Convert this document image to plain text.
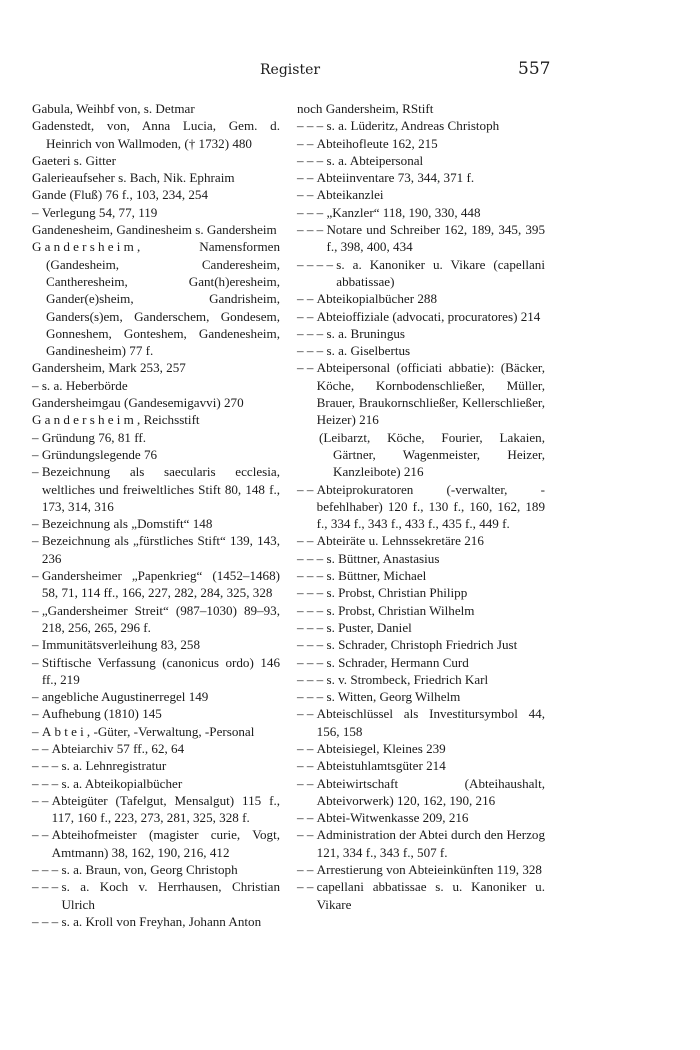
Register	557
Gabula, Weihbf von, s. Detmar
Gadenstedt, von, Anna Lucia, Gem. d. Heinrich von Wallmoden, († 1732) 480
Gaeteri s. Gitter
Galerieaufseher s. Bach, Nik. Ephraim
Gande (Fluß) 76 f., 103, 234, 254
– Verlegung 54, 77, 119
Gandenesheim, Gandinesheim s. Gandersheim
Gandersheim, Namensformen (Gandesheim, Canderesheim, Cantheresheim, Gant(h)eresheim, Gander(e)sheim, Gandrisheim, Ganders(s)em, Gandersсhem, Gondesem, Gonneshem, Gonteshem, Gandenesheim, Gandinesheim) 77 f.
Gandersheim, Mark 253, 257
– s. a. Heberbörde
Gandersheimgau (Gandesemigavvi) 270
Gandersheim, Reichsstift
– Gründung 76, 81 ff.
– Gründungslegende 76
– Bezeichnung als saecularis ecclesia, weltliches und freiweltliches Stift 80, 148 f., 173, 314, 316
– Bezeichnung als „Domstift“ 148
– Bezeichnung als „fürstliches Stift“ 139, 143, 236
– Gandersheimer „Papenkrieg“ (1452–1468) 58, 71, 114 ff., 166, 227, 282, 284, 325, 328
– „Gandersheimer Streit“ (987–1030) 89–93, 218, 256, 265, 296 f.
– Immunitätsverleihung 83, 258
– Stiftische Verfassung (canonicus ordo) 146 ff., 219
– angebliche Augustinerregel 149
– Aufhebung (1810) 145
– Abtei, -Güter, -Verwaltung, -Personal
– – Abteiarchiv 57 ff., 62, 64
– – – s. a. Lehnregistratur
– – – s. a. Abteikopialbücher
– – Abteigüter (Tafelgut, Mensalgut) 115 f., 117, 160 f., 223, 273, 281, 325, 328 f.
– – Abteihofmeister (magister curie, Vogt, Amtmann) 38, 162, 190, 216, 412
– – – s. a. Braun, von, Georg Christoph
– – – s. a. Koch v. Herrhausen, Christian Ulrich
– – – s. a. Kroll von Freyhan, Johann Anton
noch Gandersheim, RStift
– – – s. a. Lüderitz, Andreas Christoph
– – Abteihofleute 162, 215
– – – s. a. Abteipersonal
– – Abteiinventare 73, 344, 371 f.
– – Abteikanzlei
– – – „Kanzler“ 118, 190, 330, 448
– – – Notare und Schreiber 162, 189, 345, 395 f., 398, 400, 434
– – – – s. a. Kanoniker u. Vikare (capellani abbatissae)
– – Abteikopialbücher 288
– – Abteioffiziale (advocati, procuratores) 214
– – – s. a. Bruningus
– – – s. a. Giselbertus
– – Abteipersonal (officiati abbatie): (Bäcker, Köche, Kornbodenschließer, Müller, Brauer, Braukornschließer, Kellerschließer, Heizer) 216
(Leibarzt, Köche, Fourier, Lakaien, Gärtner, Wagenmeister, Heizer, Kanzleibote) 216
– – Abteiprokuratoren (-verwalter, -befehlhaber) 120 f., 130 f., 160, 162, 189 f., 334 f., 343 f., 433 f., 435 f., 449 f.
– – Abteiräte u. Lehnssekretäre 216
– – – s. Büttner, Anastasius
– – – s. Büttner, Michael
– – – s. Probst, Christian Philipp
– – – s. Probst, Christian Wilhelm
– – – s. Puster, Daniel
– – – s. Schrader, Christoph Friedrich Just
– – – s. Schrader, Hermann Curd
– – – s. v. Strombeck, Friedrich Karl
– – – s. Witten, Georg Wilhelm
– – Abteischlüssel als Investitursymbol 44, 156, 158
– – Abteisiegel, Kleines 239
– – Abteistuhlamtsgüter 214
– – Abteiwirtschaft (Abteihaushalt, Abteivorwerk) 120, 162, 190, 216
– – Abtei-Witwenkasse 209, 216
– – Administration der Abtei durch den Herzog 121, 334 f., 343 f., 507 f.
– – Arrestierung von Abteieinkünften 119, 328
– – capellani abbatissae s. u. Kanoniker u. Vikare
